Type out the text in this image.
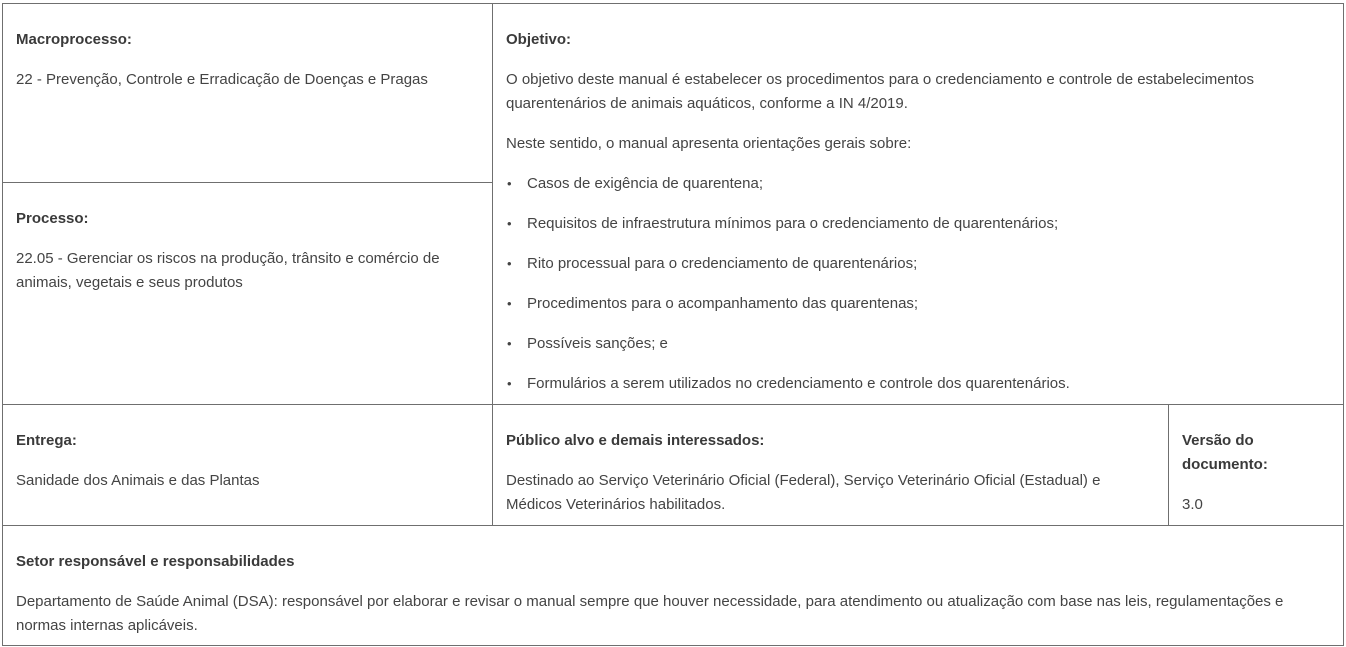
Macroprocesso:

22 - Prevenção, Controle e Erradicação de Doenças e Pragas

Processo:

22.05 - Gerenciar os riscos na produção, trânsito e comércio de animais, vegetais e seus produtos

Objetivo:

O objetivo deste manual é estabelecer os procedimentos para o credenciamento e controle de estabelecimentos quarentenários de animais aquáticos, conforme a IN 4/2019.

Neste sentido, o manual apresenta orientações gerais sobre:

• Casos de exigência de quarentena;
• Requisitos de infraestrutura mínimos para o credenciamento de quarentenários;
• Rito processual para o credenciamento de quarentenários;
• Procedimentos para o acompanhamento das quarentenas;
• Possíveis sanções; e
• Formulários a serem utilizados no credenciamento e controle dos quarentenários.

Entrega:

Sanidade dos Animais e das Plantas

Público alvo e demais interessados:

Destinado ao Serviço Veterinário Oficial (Federal), Serviço Veterinário Oficial (Estadual) e Médicos Veterinários habilitados.

Versão do documento:

3.0

Setor responsável e responsabilidades

Departamento de Saúde Animal (DSA): responsável por elaborar e revisar o manual sempre que houver necessidade, para atendimento ou atualização com base nas leis, regulamentações e normas internas aplicáveis.
